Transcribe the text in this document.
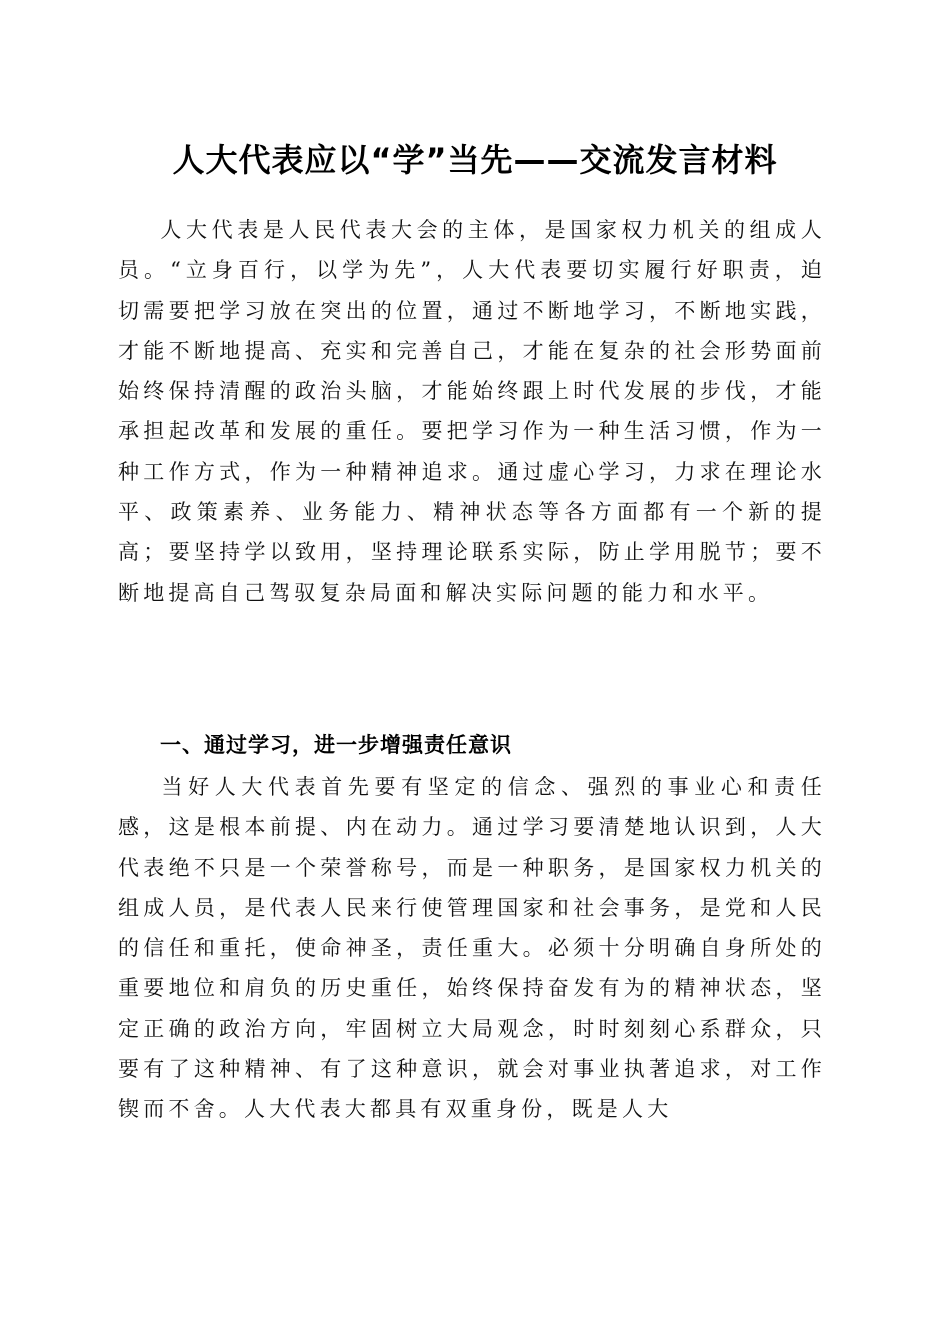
人大代表应以“学”当先——交流发言材料
人大代表是人民代表大会的主体，是国家权力机关的组成人员。“立身百行，以学为先”，人大代表要切实履行好职责，迫切需要把学习放在突出的位置，通过不断地学习，不断地实践，才能不断地提高、充实和完善自己，才能在复杂的社会形势面前始终保持清醒的政治头脑，才能始终跟上时代发展的步伐，才能承担起改革和发展的重任。要把学习作为一种生活习惯，作为一种工作方式，作为一种精神追求。通过虚心学习，力求在理论水平、政策素养、业务能力、精神状态等各方面都有一个新的提高；要坚持学以致用，坚持理论联系实际，防止学用脱节；要不断地提高自己驾驭复杂局面和解决实际问题的能力和水平。
一、通过学习，进一步增强责任意识
当好人大代表首先要有坚定的信念、强烈的事业心和责任感，这是根本前提、内在动力。通过学习要清楚地认识到，人大代表绝不只是一个荣誉称号，而是一种职务，是国家权力机关的组成人员，是代表人民来行使管理国家和社会事务，是党和人民的信任和重托，使命神圣，责任重大。必须十分明确自身所处的重要地位和肩负的历史重任，始终保持奋发有为的精神状态，坚定正确的政治方向，牢固树立大局观念，时时刻刻心系群众，只要有了这种精神、有了这种意识，就会对事业执著追求，对工作锲而不舍。人大代表大都具有双重身份，既是人大
